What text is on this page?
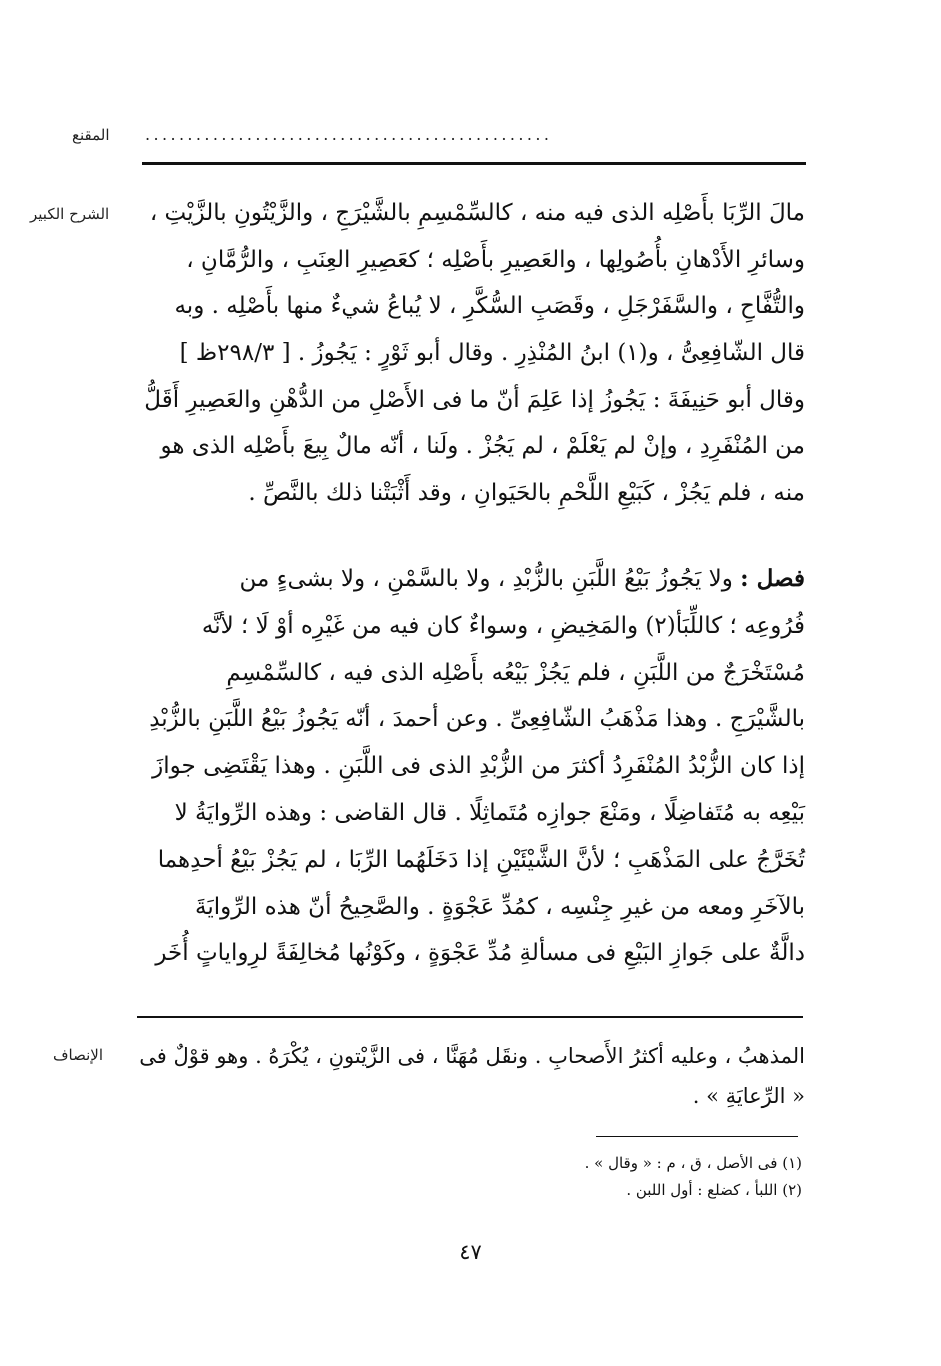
المقنع ................................................
الشرح الكبير
الإنصاف
مالَ الرِّبَا بأَصْلِه الذى فيه منه ، كالسِّمْسِمِ بالشَّيْرَجِ ، والزَّيْتُونِ بالزَّيْتِ ،
وسائرِ الأَدْهانِ بأُصُولِها ، والعَصِيرِ بأَصْلِه ؛ كعَصِيرِ العِنَبِ ، والرُّمَّانِ ،
والتُّفَّاحِ ، والسَّفَرْجَلِ ، وقَصَبِ السُّكَّرِ ، لا يُباعُ شيءٌ منها بأَصْلِه . وبه
قال الشّافِعِىُّ ، و(١) ابنُ المُنْذِرِ . وقال أبو ثَوْرٍ : يَجُوزُ . [ ٢٩٨/٣ظ ]
وقال أبو حَنِيفَةَ : يَجُوزُ إذا عَلِمَ أنّ ما فى الأَصْلِ من الدُّهْنِ والعَصِيرِ أَقَلُّ
من المُنْفَرِدِ ، وإنْ لم يَعْلَمْ ، لم يَجُزْ . ولَنا ، أنّه مالٌ بِيعَ بأَصْلِه الذى هو
منه ، فلم يَجُزْ ، كَبَيْعِ اللَّحْمِ بالحَيَوانِ ، وقد أَثْبَتْنا ذلك بالنَّصِّ .
فصل : ولا يَجُوزُ بَيْعُ اللَّبَنِ بالزُّبْدِ ، ولا بالسَّمْنِ ، ولا بشىءٍ من
فُرُوعِه ؛ كاللِّبَأ(٢) والمَخِيضِ ، وسواءٌ كان فيه من غَيْرِه أوْ لَا ؛ لأنَّه
مُسْتَخْرَجٌ من اللَّبَنِ ، فلم يَجُزْ بَيْعُه بأَصْلِه الذى فيه ، كالسِّمْسِمِ
بالشَّيْرَجِ . وهذا مَذْهَبُ الشّافِعِىِّ . وعن أحمدَ ، أنّه يَجُوزُ بَيْعُ اللَّبَنِ بالزُّبْدِ
إذا كان الزُّبْدُ المُنْفَرِدُ أكثرَ من الزُّبْدِ الذى فى اللَّبَنِ . وهذا يَقْتَضِى جوازَ
بَيْعِه به مُتَفاضِلًا ، ومَنْعَ جوازِه مُتَماثِلًا . قال القاضى : وهذه الرِّوايَةُ لا
تُخَرَّجُ على المَذْهَبِ ؛ لأنَّ الشَّيْئَيْنِ إذا دَخَلَهُما الرِّبَا ، لم يَجُزْ بَيْعُ أحدِهما
بالآخَرِ ومعه من غيرِ جِنْسِه ، كمُدِّ عَجْوَةٍ . والصَّحِيحُ أنّ هذه الرِّوايَةَ
دالَّةٌ على جَوازِ البَيْعِ فى مسألةِ مُدِّ عَجْوَةٍ ، وكَوْنُها مُخالِفَةً لرِواياتٍ أُخَر
المذهبُ ، وعليه أكثرُ الأَصحابِ . ونقَل مُهَنَّا ، فى الزَّيْتونِ ، يُكْرَهُ . وهو قوْلٌ فى
« الرِّعايَةِ » .
(١) فى الأصل ، ق ، م : « وقال » .
(٢) اللبأ ، كضلع : أول اللبن .
٤٧
